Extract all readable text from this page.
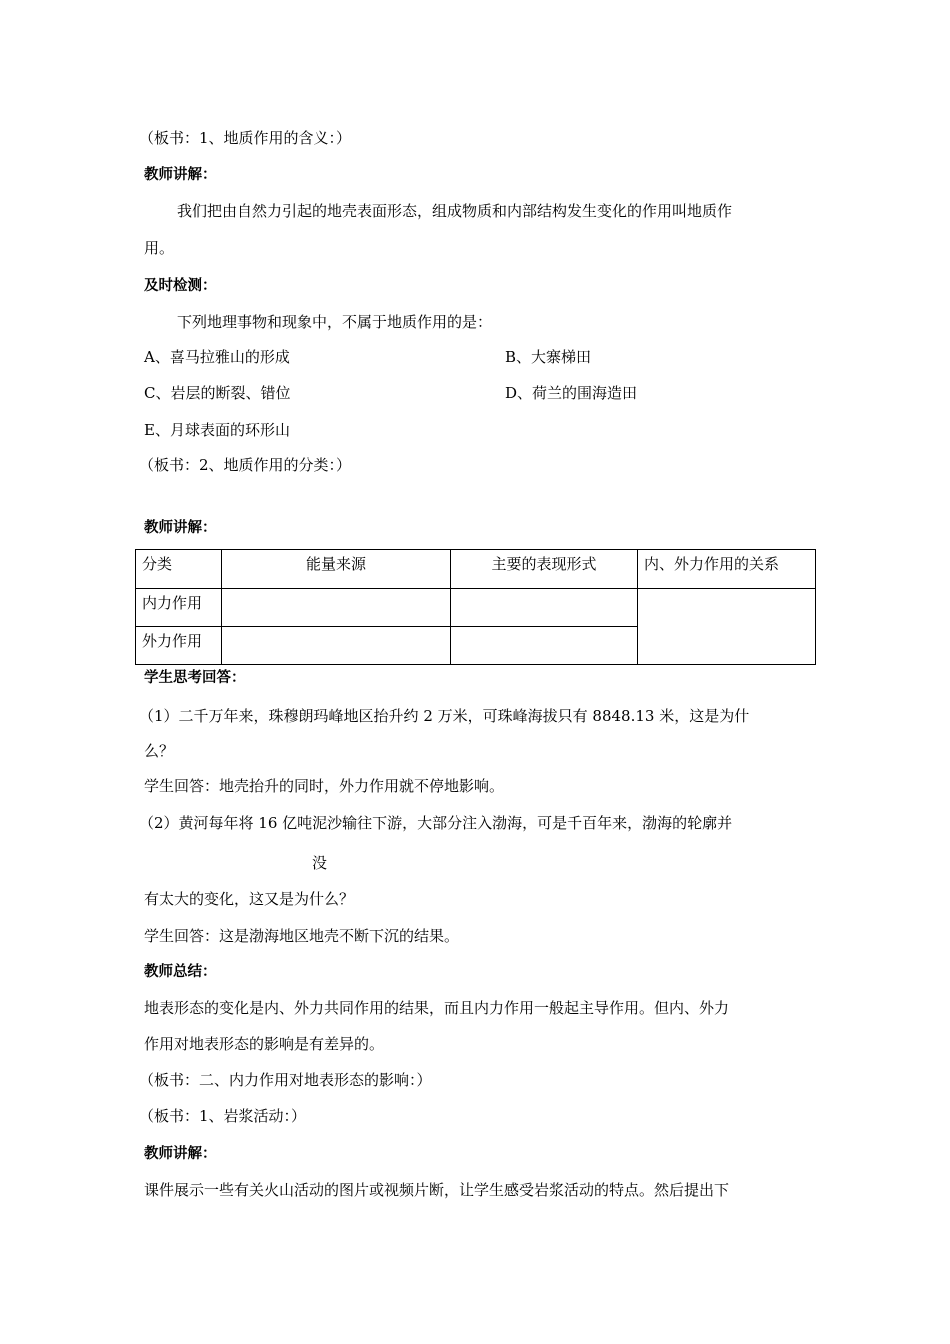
（板书：1、地质作用的含义：）
教师讲解：
我们把由自然力引起的地壳表面形态，组成物质和内部结构发生变化的作用叫地质作
用。
及时检测：
下列地理事物和现象中，不属于地质作用的是：
A、喜马拉雅山的形成	B、大寨梯田
C、岩层的断裂、错位	D、荷兰的围海造田
E、月球表面的环形山
（板书：2、地质作用的分类：）
教师讲解：
分类	能量来源	主要的表现形式	内、外力作用的关系
内力作用			
外力作用			
学生思考回答：
（1）二千万年来，珠穆朗玛峰地区抬升约 2 万米，可珠峰海拔只有 8848.13 米，这是为什
么？
学生回答：地壳抬升的同时，外力作用就不停地影响。
（2）黄河每年将 16 亿吨泥沙输往下游，大部分注入渤海，可是千百年来，渤海的轮廓并
没
有太大的变化，这又是为什么？
学生回答：这是渤海地区地壳不断下沉的结果。
教师总结：
地表形态的变化是内、外力共同作用的结果，而且内力作用一般起主导作用。但内、外力
作用对地表形态的影响是有差异的。
（板书：二、内力作用对地表形态的影响：）
（板书：1、岩浆活动：）
教师讲解：
课件展示一些有关火山活动的图片或视频片断，让学生感受岩浆活动的特点。然后提出下
